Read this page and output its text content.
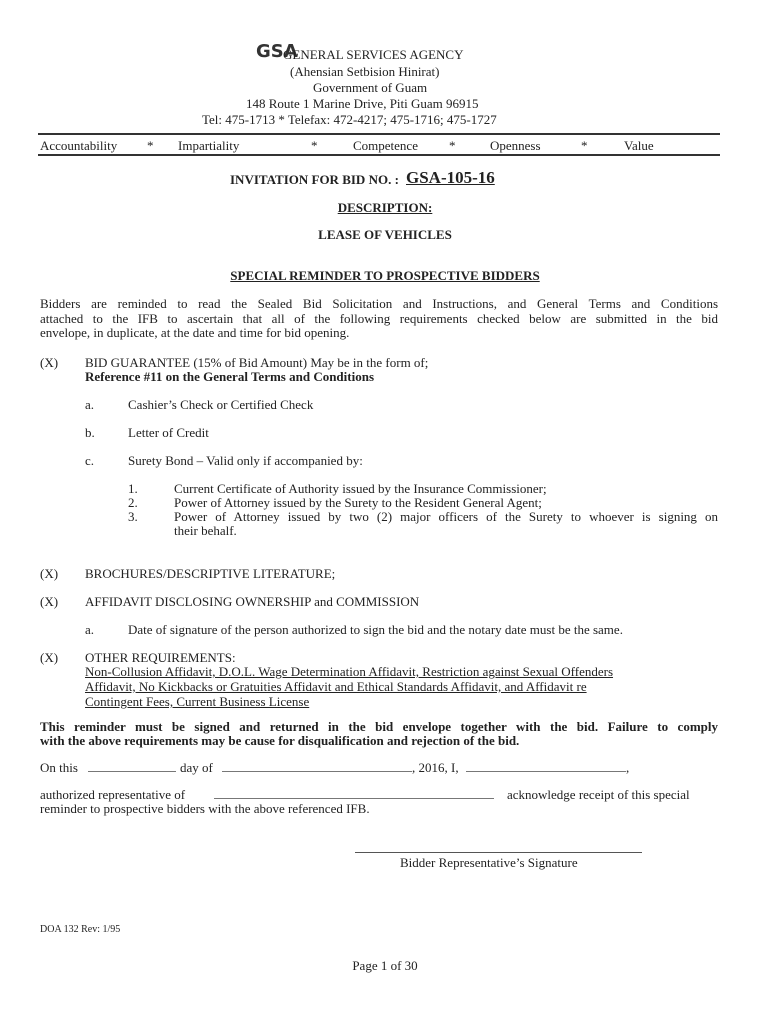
GSA
GENERAL SERVICES AGENCY
(Ahensian Setbision Hinirat)
Government of Guam
148 Route 1 Marine Drive, Piti Guam 96915
Tel: 475-1713 * Telefax: 472-4217; 475-1716; 475-1727
Accountability * Impartiality	*	Competence *	Openness	*	Value
INVITATION FOR BID NO. : GSA-105-16
DESCRIPTION:
LEASE OF VEHICLES
SPECIAL REMINDER TO PROSPECTIVE BIDDERS
Bidders are reminded to read the Sealed Bid Solicitation and Instructions, and General Terms and Conditions
attached to the IFB to ascertain that all of the following requirements checked below are submitted in the bid
envelope, in duplicate, at the date and time for bid opening.
(X) BID GUARANTEE (15% of Bid Amount) May be in the form of;
Reference #11 on the General Terms and Conditions
a.	Cashier’s Check or Certified Check
b.	Letter of Credit
c.	Surety Bond – Valid only if accompanied by:
1.	Current Certificate of Authority issued by the Insurance Commissioner;
2.	Power of Attorney issued by the Surety to the Resident General Agent;
3.	Power of Attorney issued by two (2) major officers of the Surety to whoever is signing on
their behalf.
(X) BROCHURES/DESCRIPTIVE LITERATURE;
(X) AFFIDAVIT DISCLOSING OWNERSHIP and COMMISSION
a.	Date of signature of the person authorized to sign the bid and the notary date must be the same.
(X) OTHER REQUIREMENTS:
Non-Collusion Affidavit, D.O.L. Wage Determination Affidavit, Restriction against Sexual Offenders
Affidavit, No Kickbacks or Gratuities Affidavit and Ethical Standards Affidavit, and Affidavit re
Contingent Fees, Current Business License
This reminder must be signed and returned in the bid envelope together with the bid. Failure to comply
with the above requirements may be cause for disqualification and rejection of the bid.
On this	day of	, 2016, I,	,
authorized representative of	acknowledge receipt of this special
reminder to prospective bidders with the above referenced IFB.
Bidder Representative’s Signature
DOA 132 Rev: 1/95
Page 1 of 30
